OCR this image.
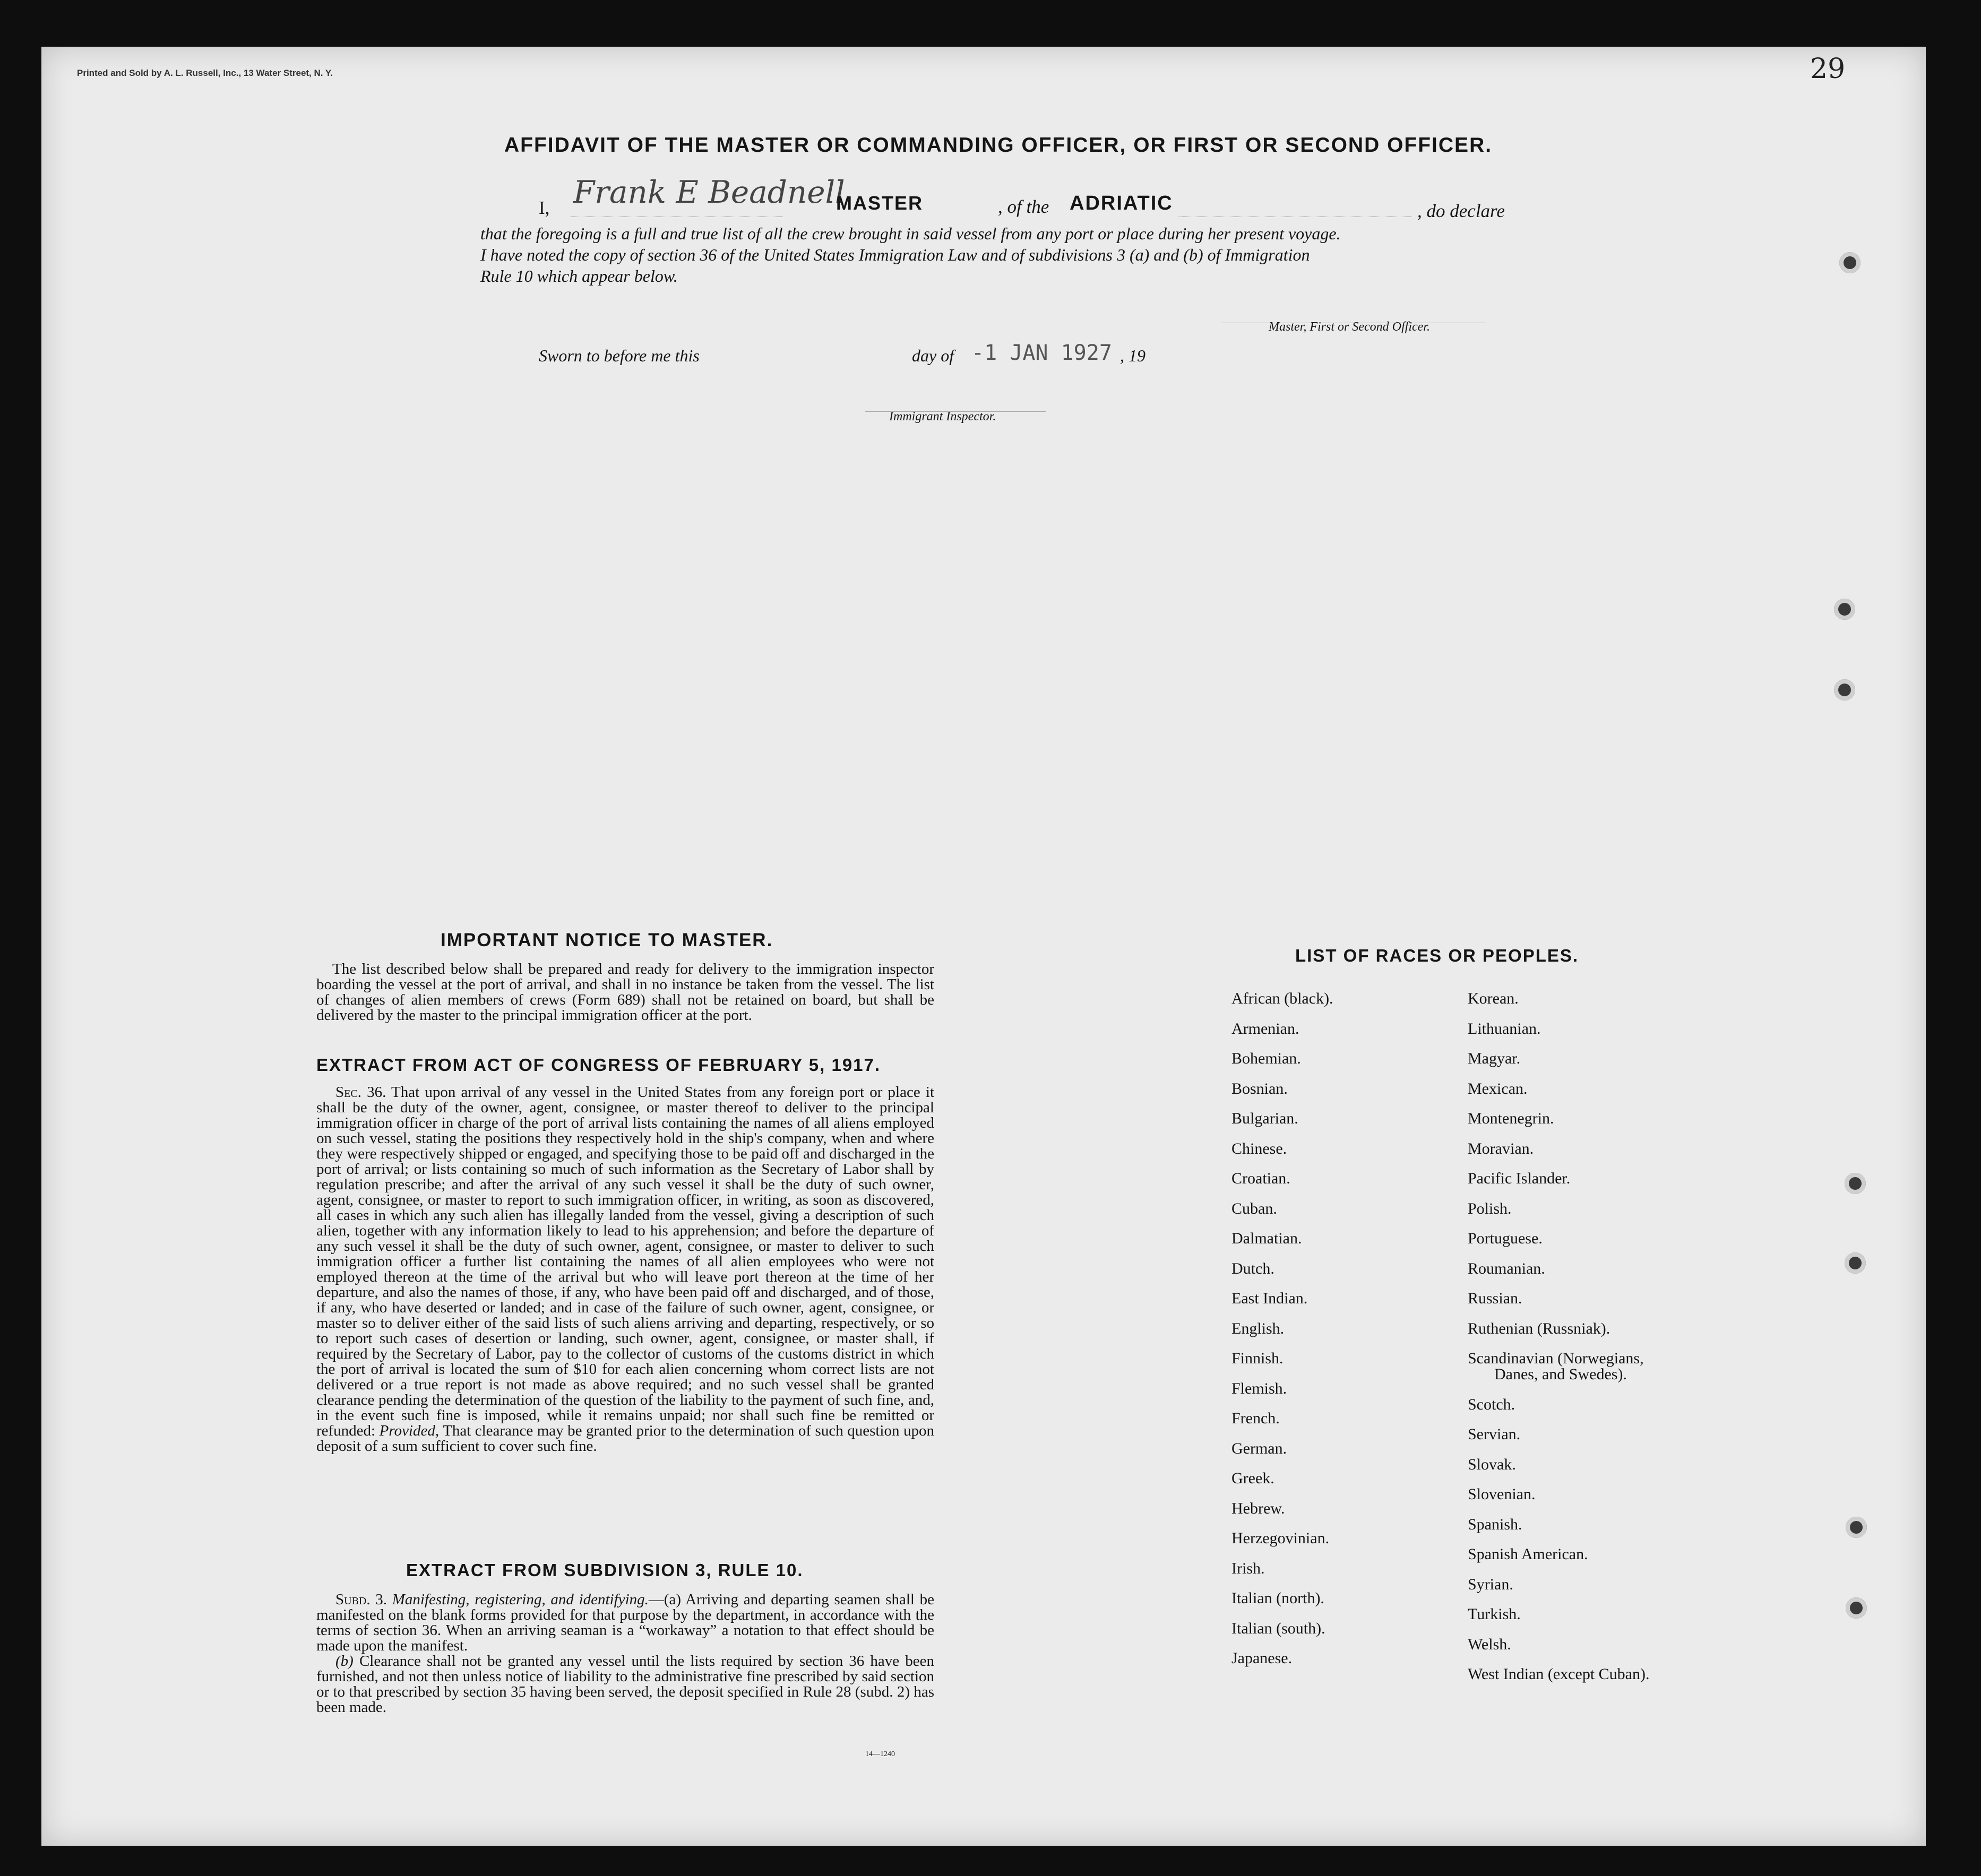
Printed and Sold by A. L. Russell, Inc., 13 Water Street, N. Y.	29
AFFIDAVIT OF THE MASTER OR COMMANDING OFFICER, OR FIRST OR SECOND OFFICER.
I, Frank E Beadnell
MASTER	, of the ADRIATIC	, do declare
that the foregoing is a full and true list of all the crew brought in said vessel from any port or place during her present voyage.
I have noted the copy of section 36 of the United States Immigration Law and of subdivisions 3 (a) and (b) of Immigration
Rule 10 which appear below.
Master, First or Second Officer.
Sworn to before me this	day of -1 JAN 1927 , 19
Immigrant Inspector.
IMPORTANT NOTICE TO MASTER.
The list described below shall be prepared and ready for delivery to the immigration inspector boarding the vessel at the port of arrival, and shall in no instance be taken from the vessel. The list of changes of alien members of crews (Form 689) shall not be retained on board, but shall be delivered by the master to the principal immigration officer at the port.
EXTRACT FROM ACT OF CONGRESS OF FEBRUARY 5, 1917.

Sec. 36. That upon arrival of any vessel in the United States from any foreign port or place it shall be the duty of the owner, agent, consignee, or master thereof to deliver to the principal immigration officer in charge of the port of arrival lists containing the names of all aliens employed on such vessel, stating the positions they respectively hold in the ship's company, when and where they were respectively shipped or engaged, and specifying those to be paid off and discharged in the port of arrival; or lists containing so much of such information as the Secretary of Labor shall by regulation prescribe; and after the arrival of any such vessel it shall be the duty of such owner, agent, consignee, or master to report to such immigration officer, in writing, as soon as discovered, all cases in which any such alien has illegally landed from the vessel, giving a description of such alien, together with any information likely to lead to his apprehension; and before the departure of any such vessel it shall be the duty of such owner, agent, consignee, or master to deliver to such immigration officer a further list containing the names of all alien employees who were not employed thereon at the time of the arrival but who will leave port thereon at the time of her departure, and also the names of those, if any, who have been paid off and discharged, and of those, if any, who have deserted or landed; and in case of the failure of such owner, agent, consignee, or master so to deliver either of the said lists of such aliens arriving and departing, respectively, or so to report such cases of desertion or landing, such owner, agent, consignee, or master shall, if required by the Secretary of Labor, pay to the collector of customs of the customs district in which the port of arrival is located the sum of $10 for each alien concerning whom correct lists are not delivered or a true report is not made as above required; and no such vessel shall be granted clearance pending the determination of the question of the liability to the payment of such fine, and, in the event such fine is imposed, while it remains unpaid; nor shall such fine be remitted or refunded: Provided, That clearance may be granted prior to the determination of such question upon deposit of a sum sufficient to cover such fine.

EXTRACT FROM SUBDIVISION 3, RULE 10.

Subd. 3. Manifesting, registering, and identifying.—(a) Arriving and departing seamen shall be manifested on the blank forms provided for that purpose by the department, in accordance with the terms of section 36. When an arriving seaman is a “workaway” a notation to that effect should be made upon the manifest.

(b) Clearance shall not be granted any vessel until the lists required by section 36 have been furnished, and not then unless notice of liability to the administrative fine prescribed by said section or to that prescribed by section 35 having been served, the deposit specified in Rule 28 (subd. 2) has been made.

14—1240
LIST OF RACES OR PEOPLES.
African (black).
Armenian.
Bohemian.
Bosnian.
Bulgarian.
Chinese.
Croatian.
Cuban.
Dalmatian.
Dutch.
East Indian.
English.
Finnish.
Flemish.
French.
German.
Greek.
Hebrew.
Herzegovinian.
Irish.
Italian (north).
Italian (south).
Japanese.
Korean.
Lithuanian.
Magyar.
Mexican.
Montenegrin.
Moravian.
Pacific Islander.
Polish.
Portuguese.
Roumanian.
Russian.
Ruthenian (Russniak).
Scandinavian (Norwegians,
Danes, and Swedes).
Scotch.
Servian.
Slovak.
Slovenian.
Spanish.
Spanish American.
Syrian.
Turkish.
Welsh.
West Indian (except Cuban).
